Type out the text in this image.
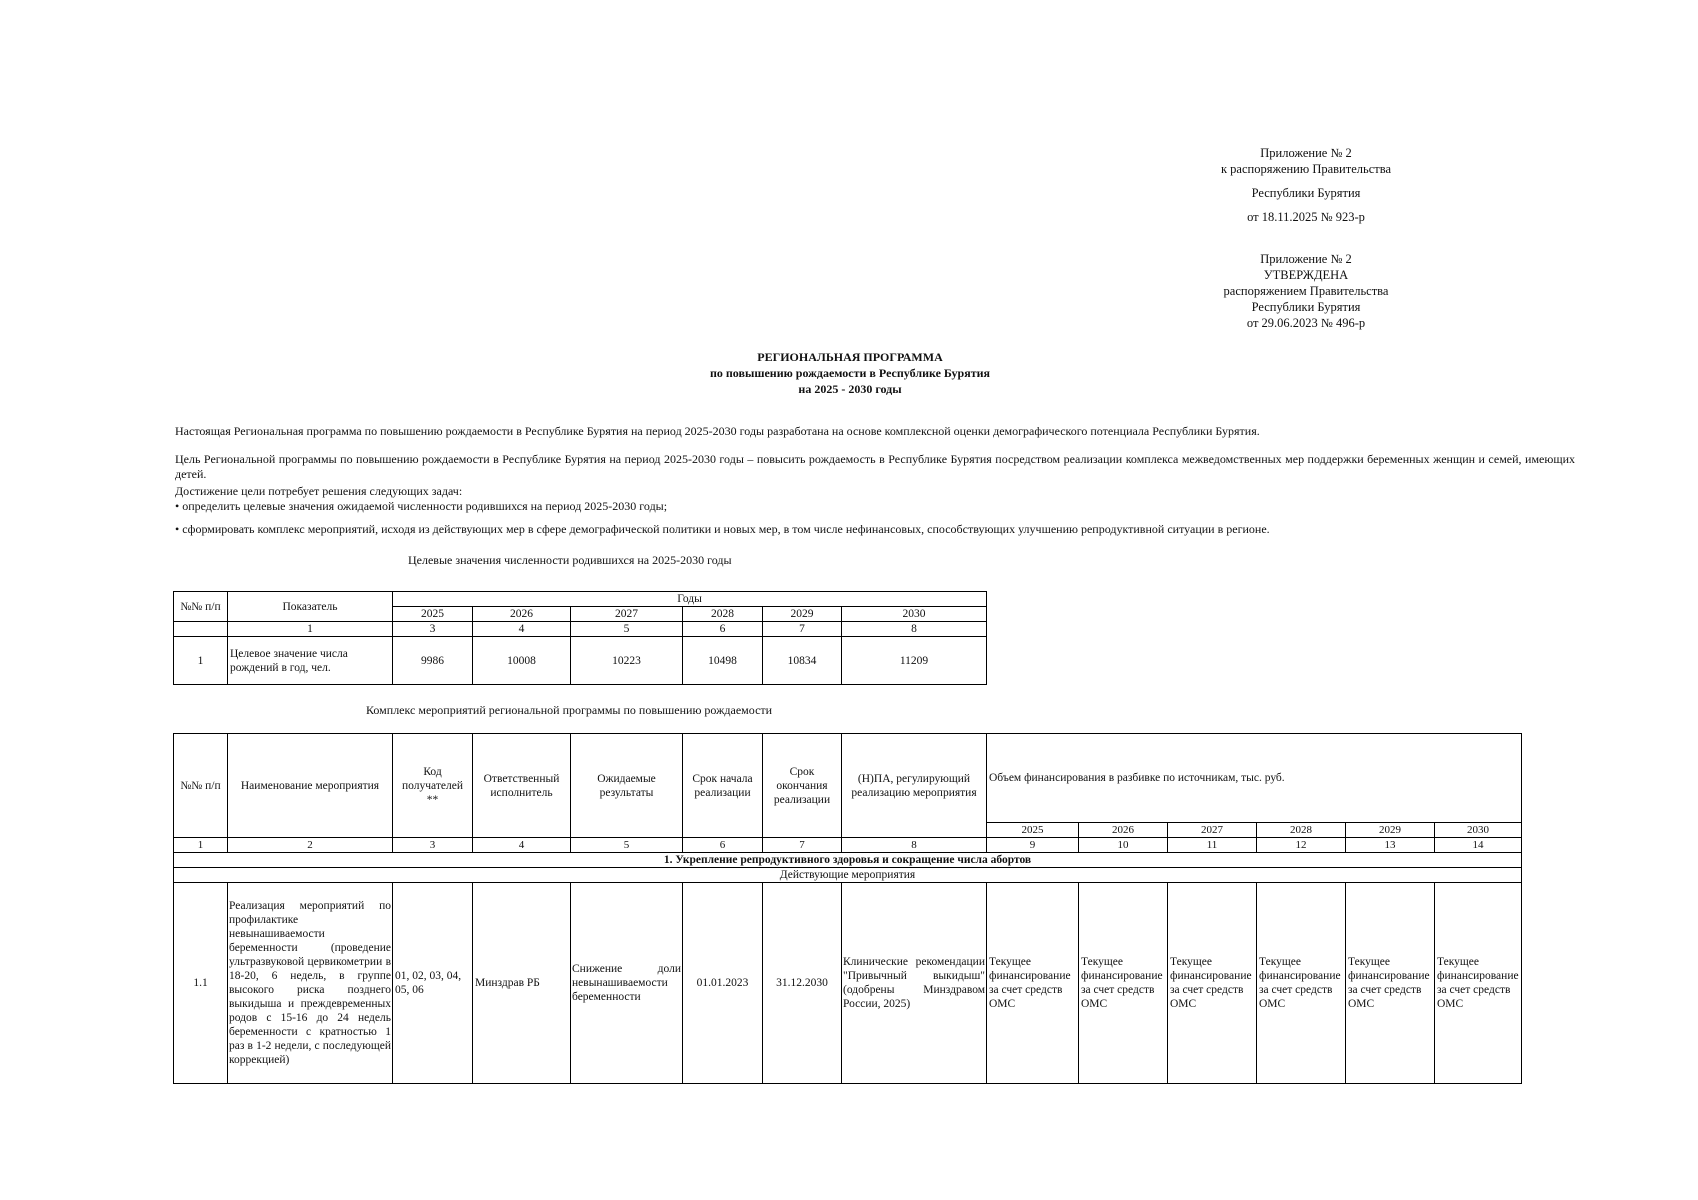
Приложение № 2
к распоряжению Правительства
Республики Бурятия
от 18.11.2025 № 923-р
Приложение № 2
УТВЕРЖДЕНА
распоряжением Правительства
Республики Бурятия
от 29.06.2023 № 496-р
РЕГИОНАЛЬНАЯ ПРОГРАММА
по повышению рождаемости в Республике Бурятия
на 2025 - 2030 годы
Настоящая Региональная программа по повышению рождаемости в Республике Бурятия на период 2025-2030 годы разработана на основе комплексной оценки демографического потенциала Республики Бурятия.
Цель Региональной программы по повышению рождаемости в Республике Бурятия на период 2025-2030 годы – повысить рождаемость в Республике Бурятия посредством реализации комплекса межведомственных мер поддержки беременных женщин и семей, имеющих детей.
Достижение цели потребует решения следующих задач:
• определить целевые значения ожидаемой численности родившихся на период 2025-2030 годы;
• сформировать комплекс мероприятий, исходя из действующих мер в сфере демографической политики и новых мер, в том числе нефинансовых, способствующих улучшению репродуктивной ситуации в регионе.
Целевые значения численности родившихся на 2025-2030 годы
№№ п/п	Показатель	Годы					
		2025	2026	2027	2028	2029	2030
	1	3	4	5	6	7	8
1	Целевое значение числа рождений в год, чел.	9986	10008	10223	10498	10834	11209
Комплекс мероприятий региональной программы по повышению рождаемости
№№ п/п	Наименование мероприятия	Код получателей **	Ответственный исполнитель	Ожидаемые результаты	Срок начала реализации	Срок окончания реализации	(Н)ПА, регулирующий реализацию мероприятия	Объем финансирования в разбивке по источникам, тыс. руб.					
								2025	2026	2027	2028	2029	2030
1	2	3	4	5	6	7	8	9	10	11	12	13	14
1. Укрепление репродуктивного здоровья и сокращение числа абортов													
Действующие мероприятия													
1.1	Реализация мероприятий по профилактике невынашиваемости беременности (проведение ультразвуковой цервикометрии в 18-20, 6 недель, в группе высокого риска позднего выкидыша и преждевременных родов с 15-16 до 24 недель беременности с кратностью 1 раз в 1-2 недели, с последующей коррекцией)	01, 02, 03, 04, 05, 06	Минздрав РБ	Снижение доли невынашиваемости беременности	01.01.2023	31.12.2030	Клинические рекомендации "Привычный выкидыш" (одобрены Минздравом России, 2025)	Текущее финансирование за счет средств ОМС	Текущее финансирование за счет средств ОМС	Текущее финансирование за счет средств ОМС	Текущее финансирование за счет средств ОМС	Текущее финансирование за счет средств ОМС	Текущее финансирование за счет средств ОМС
